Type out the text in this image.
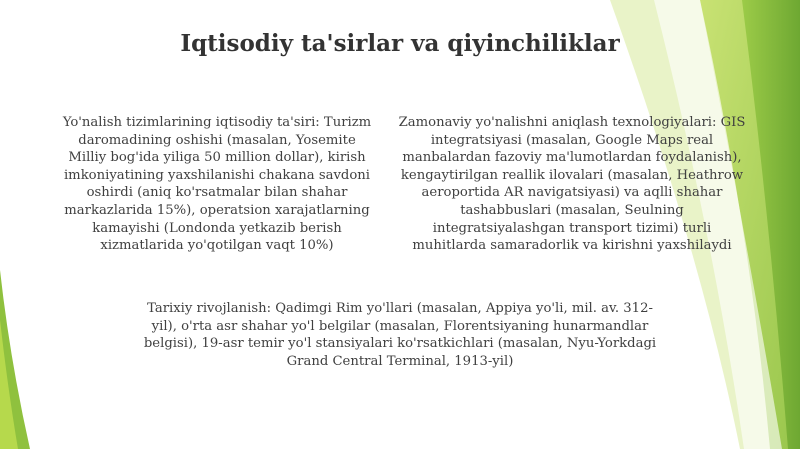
Iqtisodiy ta'sirlar va qiyinchiliklar
Yo'nalish tizimlarining iqtisodiy ta'siri: Turizm daromadining oshishi (masalan, Yosemite Milliy bog'ida yiliga 50 million dollar), kirish imkoniyatining yaxshilanishi chakana savdoni oshirdi (aniq ko'rsatmalar bilan shahar markazlarida 15%), operatsion xarajatlarning kamayishi (Londonda yetkazib berish xizmatlarida yo'qotilgan vaqt 10%)
Zamonaviy yo'nalishni aniqlash texnologiyalari: GIS integratsiyasi (masalan, Google Maps real manbalardan fazoviy ma'lumotlardan foydalanish), kengaytirilgan reallik ilovalari (masalan, Heathrow aeroportida AR navigatsiyasi) va aqlli shahar tashabbuslari (masalan, Seulning integratsiyalashgan transport tizimi) turli muhitlarda samaradorlik va kirishni yaxshilaydi
Tarixiy rivojlanish: Qadimgi Rim yo'llari (masalan, Appiya yo'li, mil. av. 312-yil), o'rta asr shahar yo'l belgilar (masalan, Florentsiyaning hunarmandlar belgisi), 19-asr temir yo'l stansiyalari ko'rsatkichlari (masalan, Nyu-Yorkdagi Grand Central Terminal, 1913-yil)
